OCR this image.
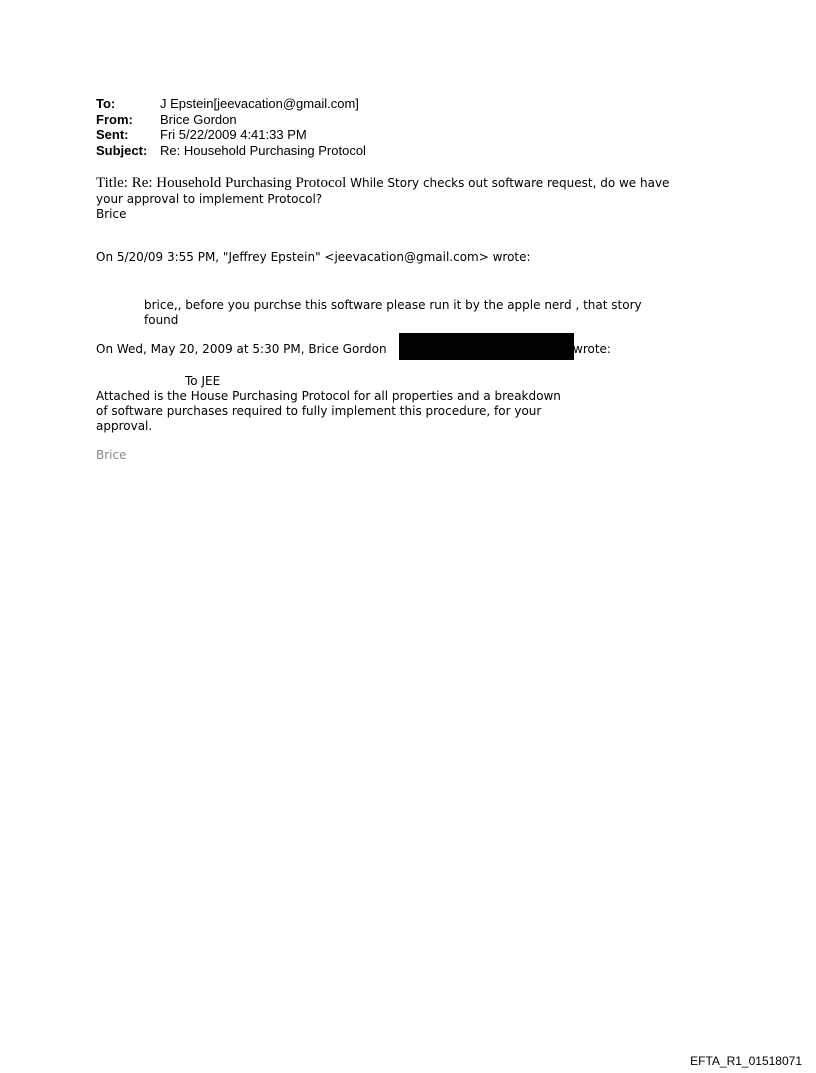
To:	J Epstein[jeevacation@gmail.com]
From:	Brice Gordon
Sent:	Fri 5/22/2009 4:41:33 PM
Subject: Re: Household Purchasing Protocol
Title: Re: Household Purchasing Protocol While Story checks out software request, do we have
your approval to implement Protocol?
Brice
On 5/20/09 3:55 PM, "Jeffrey Epstein" <jeevacation@gmail.com> wrote:
brice,, before you purchse this software please run it by the apple nerd , that story
found
On Wed, May 20, 2009 at 5:30 PM, Brice Gordon	wrote:
To JEE
Attached is the House Purchasing Protocol for all properties and a breakdown
of software purchases required to fully implement this procedure, for your
approval.
Brice
EFTA_R1_01518071
